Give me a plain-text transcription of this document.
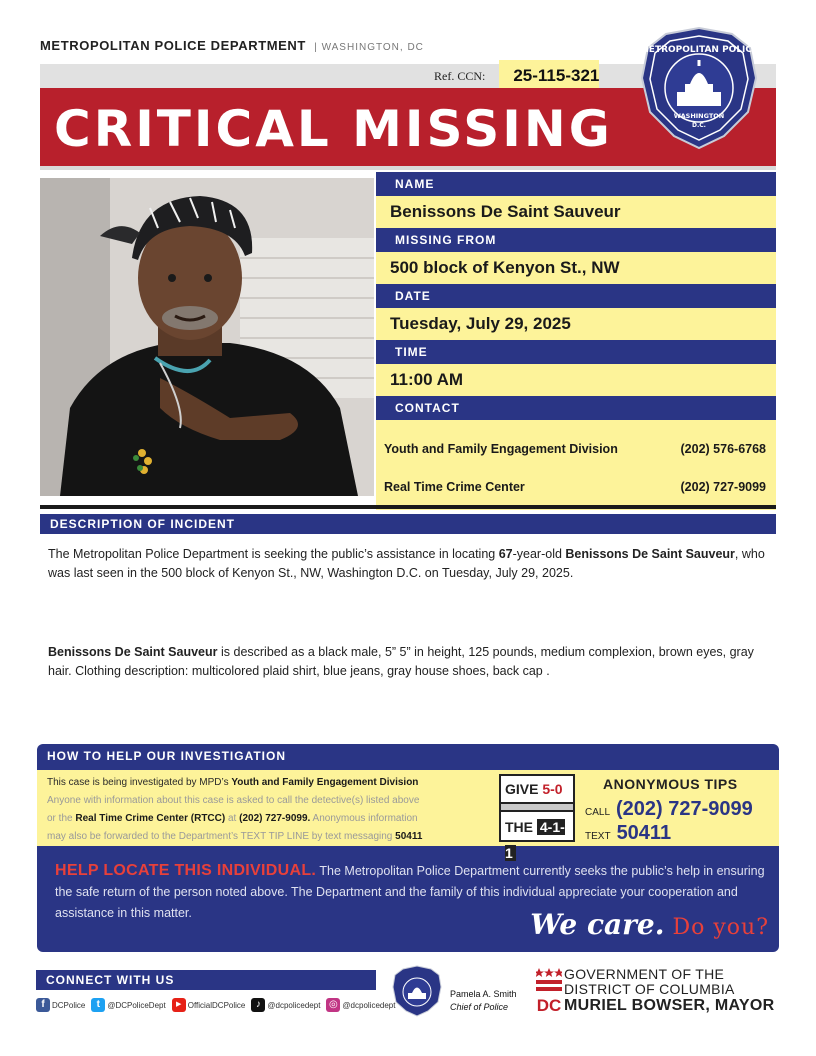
METROPOLITAN POLICE DEPARTMENT | WASHINGTON, DC
Ref. CCN:	25-115-321
CRITICAL MISSING
METROPOLITAN POLICE
WASHINGTON
D.C.
NAME
Benissons De Saint Sauveur
MISSING FROM
500 block of Kenyon St., NW
DATE
Tuesday, July 29, 2025
TIME
11:00 AM
CONTACT
Youth and Family Engagement Division	(202) 576-6768
Real Time Crime Center	(202) 727-9099
DESCRIPTION OF INCIDENT
The Metropolitan Police Department is seeking the public’s assistance in locating 67-year-old Benissons De Saint Sauveur, who was last seen in the 500 block of Kenyon St., NW, Washington D.C. on Tuesday, July 29, 2025.
Benissons De Saint Sauveur is described as a black male, 5” 5” in height, 125 pounds, medium complexion, brown eyes, gray hair. Clothing description: multicolored plaid shirt, blue jeans, gray house shoes, back cap .
HOW TO HELP OUR INVESTIGATION
This case is being investigated by MPD’s Youth and Family Engagement Division
Anyone with information about this case is asked to call the detective(s) listed above
or the Real Time Crime Center (RTCC) at (202) 727-9099. Anonymous information
may also be forwarded to the Department’s TEXT TIP LINE by text messaging 50411
GIVE 5-0
THE 4-1-1
ANONYMOUS TIPS
CALL (202) 727-9099
TEXT 50411
HELP LOCATE THIS INDIVIDUAL. The Metropolitan Police Department currently seeks the public’s help in ensuring the safe return of the person noted above. The Department and the family of this individual appreciate your cooperation and assistance in this matter.	We care. Do you?
CONNECT WITH US
f DCPolice	t @DCPoliceDept	▶ OfficialDCPolice	♪ @dcpolicedept ◎ @dcpolicedept
Pamela A. Smith
Chief of Police	DC
GOVERNMENT OF THE
DISTRICT OF COLUMBIA
MURIEL BOWSER, MAYOR
